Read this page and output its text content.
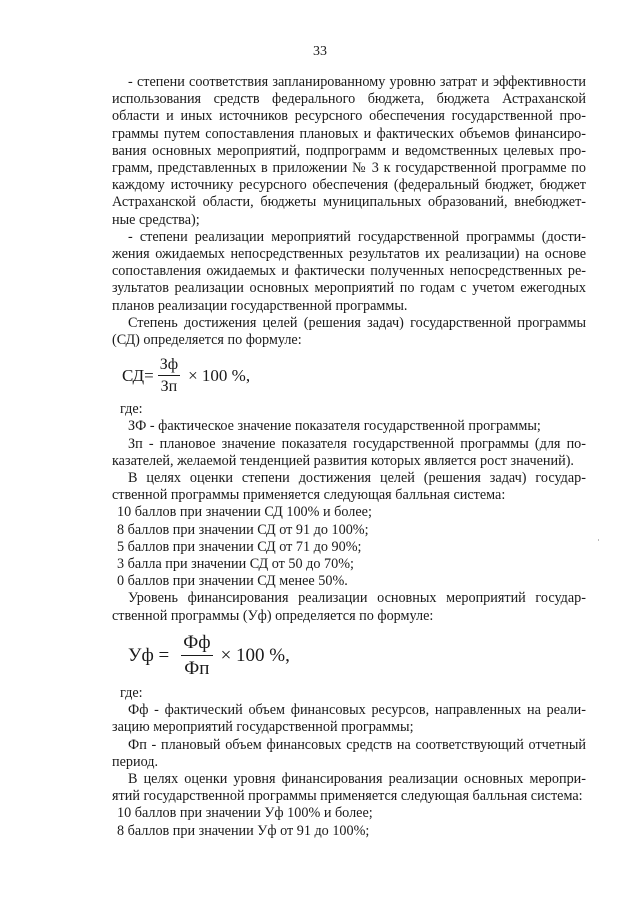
33

- степени соответствия запланированному уровню затрат и эффективности использования средств федерального бюджета, бюджета Астраханской области и иных источников ресурсного обеспечения государственной программы путем сопоставления плановых и фактических объемов финансирования основных мероприятий, подпрограмм и ведомственных целевых программ, представленных в приложении № 3 к государственной программе по каждому источнику ресурсного обеспечения (федеральный бюджет, бюджет Астраханской области, бюджеты муниципальных образований, внебюджетные средства);

- степени реализации мероприятий государственной программы (достижения ожидаемых непосредственных результатов их реализации) на основе сопоставления ожидаемых и фактически полученных непосредственных результатов реализации основных мероприятий по годам с учетом ежегодных планов реализации государственной программы.

Степень достижения целей (решения задач) государственной программы (СД) определяется по формуле:

СД = $\frac{Зф}{Зп} \times 100$ %,

где:

ЗФ - фактическое значение показателя государственной программы;

Зп - плановое значение показателя государственной программы (для показателей, желаемой тенденцией развития которых является рост значений).

В целях оценки степени достижения целей (решения задач) государственной программы применяется следующая балльная система:

10 баллов при значении СД 100% и более;

8 баллов при значении СД от 91 до 100%;

5 баллов при значении СД от 71 до 90%;

3 балла при значении СД от 50 до 70%;

0 баллов при значении СД менее 50%.

Уровень финансирования реализации основных мероприятий государственной программы (Уф) определяется по формуле:

Уф = $\frac{Фф}{Фп} \times 100$ %,

где:

Фф - фактический объем финансовых ресурсов, направленных на реализацию мероприятий государственной программы;

Фп - плановый объем финансовых средств на соответствующий отчетный период.

В целях оценки уровня финансирования реализации основных мероприятий государственной программы применяется следующая балльная система:

10 баллов при значении Уф 100% и более;

8 баллов при значении Уф от 91 до 100%;
